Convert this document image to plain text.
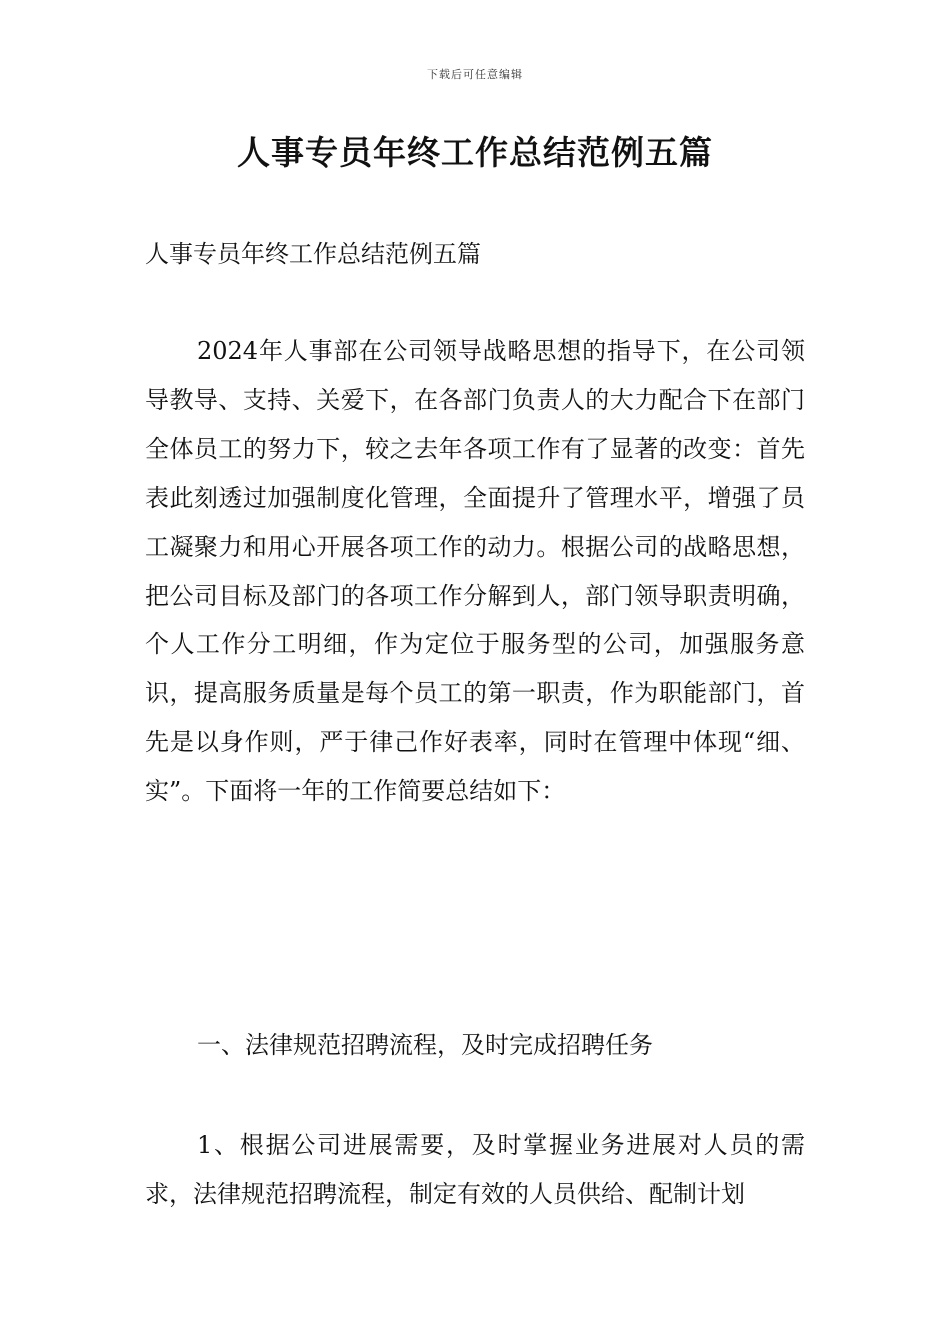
下载后可任意编辑
人事专员年终工作总结范例五篇
人事专员年终工作总结范例五篇
2024年人事部在公司领导战略思想的指导下，在公司领导教导、支持、关爱下，在各部门负责人的大力配合下在部门全体员工的努力下，较之去年各项工作有了显著的改变：首先表此刻透过加强制度化管理，全面提升了管理水平，增强了员工凝聚力和用心开展各项工作的动力。根据公司的战略思想，把公司目标及部门的各项工作分解到人，部门领导职责明确，个人工作分工明细，作为定位于服务型的公司，加强服务意识，提高服务质量是每个员工的第一职责，作为职能部门，首先是以身作则，严于律己作好表率，同时在管理中体现“细、实”。下面将一年的工作简要总结如下：
一、法律规范招聘流程，及时完成招聘任务
1、根据公司进展需要，及时掌握业务进展对人员的需求，法律规范招聘流程，制定有效的人员供给、配制计划
